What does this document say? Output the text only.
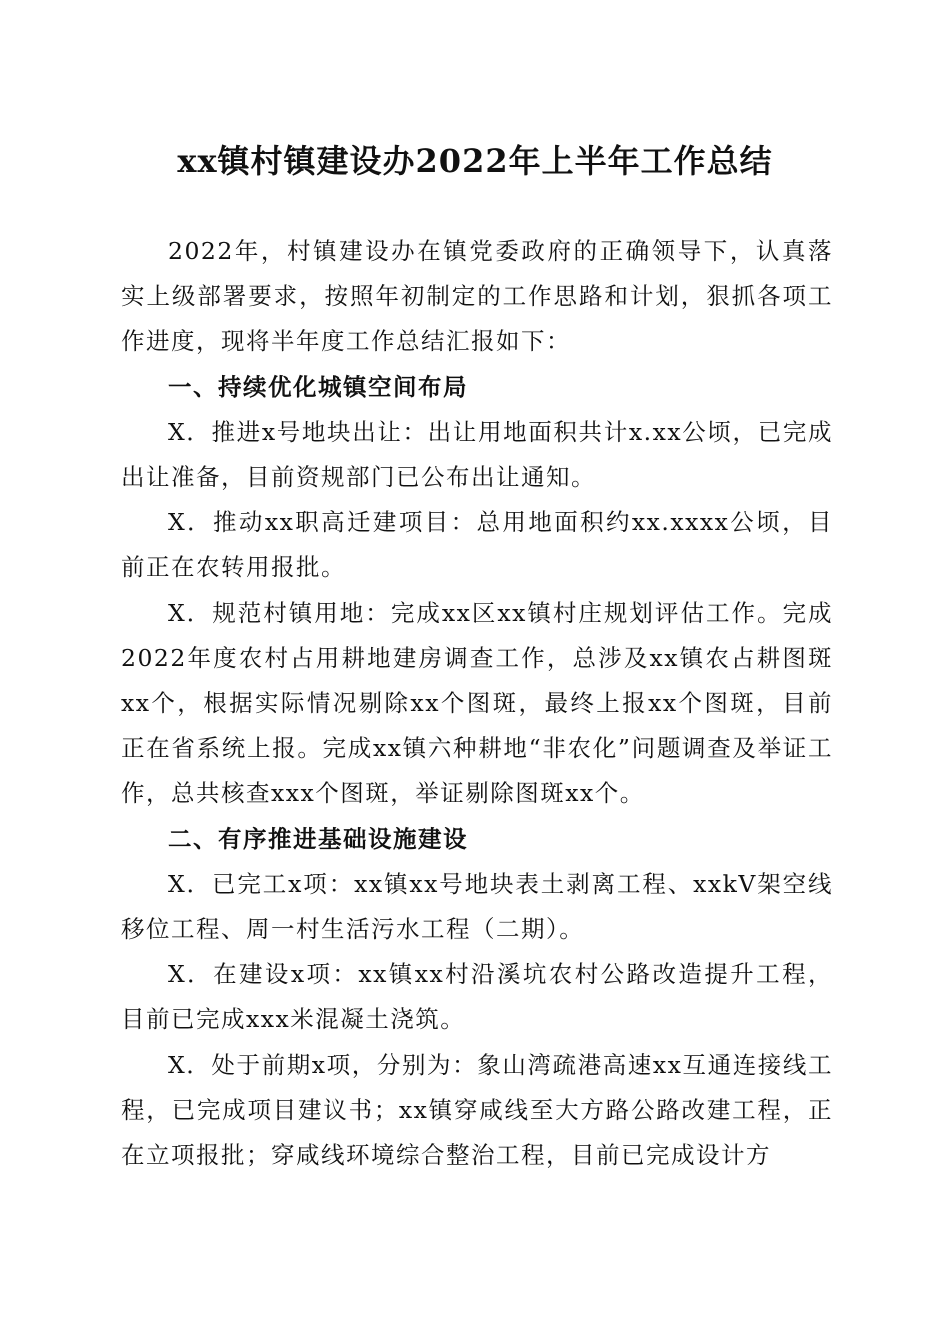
xx镇村镇建设办2022年上半年工作总结

2022年，村镇建设办在镇党委政府的正确领导下，认真落实上级部署要求，按照年初制定的工作思路和计划，狠抓各项工作进度，现将半年度工作总结汇报如下：

一、持续优化城镇空间布局

X．推进x号地块出让：出让用地面积共计x.xx公顷，已完成出让准备，目前资规部门已公布出让通知。

X．推动xx职高迁建项目：总用地面积约xx.xxxx公顷，目前正在农转用报批。

X．规范村镇用地：完成xx区xx镇村庄规划评估工作。完成2022年度农村占用耕地建房调查工作，总涉及xx镇农占耕图斑xx个，根据实际情况剔除xx个图斑，最终上报xx个图斑，目前正在省系统上报。完成xx镇六种耕地“非农化”问题调查及举证工作，总共核查xxx个图斑，举证剔除图斑xx个。

二、有序推进基础设施建设

X．已完工x项：xx镇xx号地块表土剥离工程、xxkV架空线移位工程、周一村生活污水工程（二期）。

X．在建设x项：xx镇xx村沿溪坑农村公路改造提升工程，目前已完成xxx米混凝土浇筑。

X．处于前期x项，分别为：象山湾疏港高速xx互通连接线工程，已完成项目建议书；xx镇穿咸线至大方路公路改建工程，正在立项报批；穿咸线环境综合整治工程，目前已完成设计方
